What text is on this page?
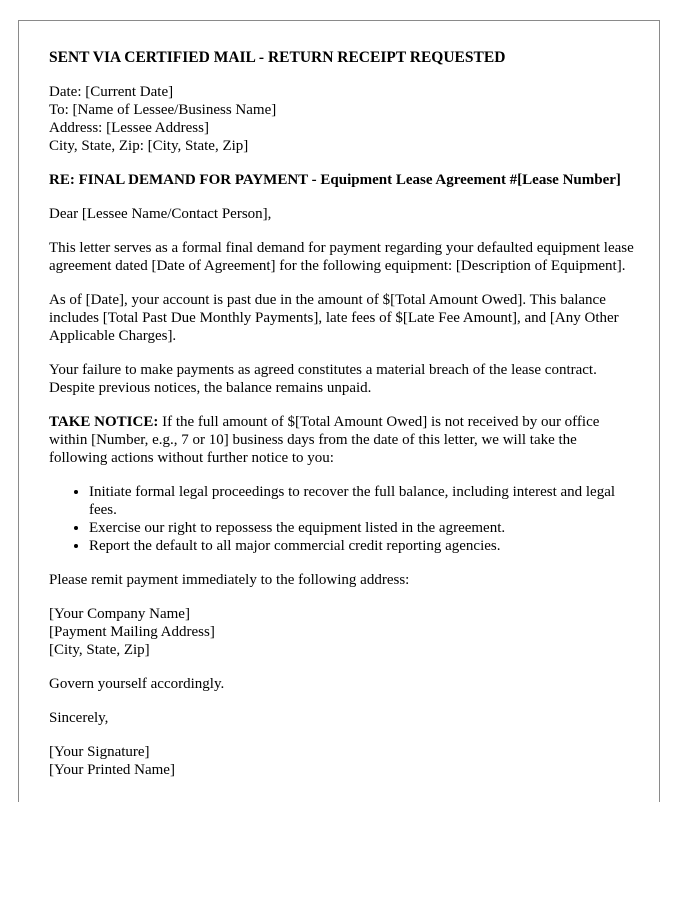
SENT VIA CERTIFIED MAIL - RETURN RECEIPT REQUESTED

Date: [Current Date]

To: [Name of Lessee/Business Name]

Address: [Lessee Address]

City, State, Zip: [City, State, Zip]

RE: FINAL DEMAND FOR PAYMENT - Equipment Lease Agreement #[Lease Number]

Dear [Lessee Name/Contact Person],

This letter serves as a formal final demand for payment regarding your defaulted equipment lease agreement dated [Date of Agreement] for the following equipment: [Description of Equipment].

As of [Date], your account is past due in the amount of $[Total Amount Owed]. This balance includes [Total Past Due Monthly Payments], late fees of $[Late Fee Amount], and [Any Other Applicable Charges].

Your failure to make payments as agreed constitutes a material breach of the lease contract. Despite previous notices, the balance remains unpaid.

TAKE NOTICE: If the full amount of $[Total Amount Owed] is not received by our office within [Number, e.g., 7 or 10] business days from the date of this letter, we will take the following actions without further notice to you:

• Initiate formal legal proceedings to recover the full balance, including interest and legal fees.
• Exercise our right to repossess the equipment listed in the agreement.
• Report the default to all major commercial credit reporting agencies.

Please remit payment immediately to the following address:

[Your Company Name]

[Payment Mailing Address]

[City, State, Zip]

Govern yourself accordingly.

Sincerely,

[Your Signature]

[Your Printed Name]
